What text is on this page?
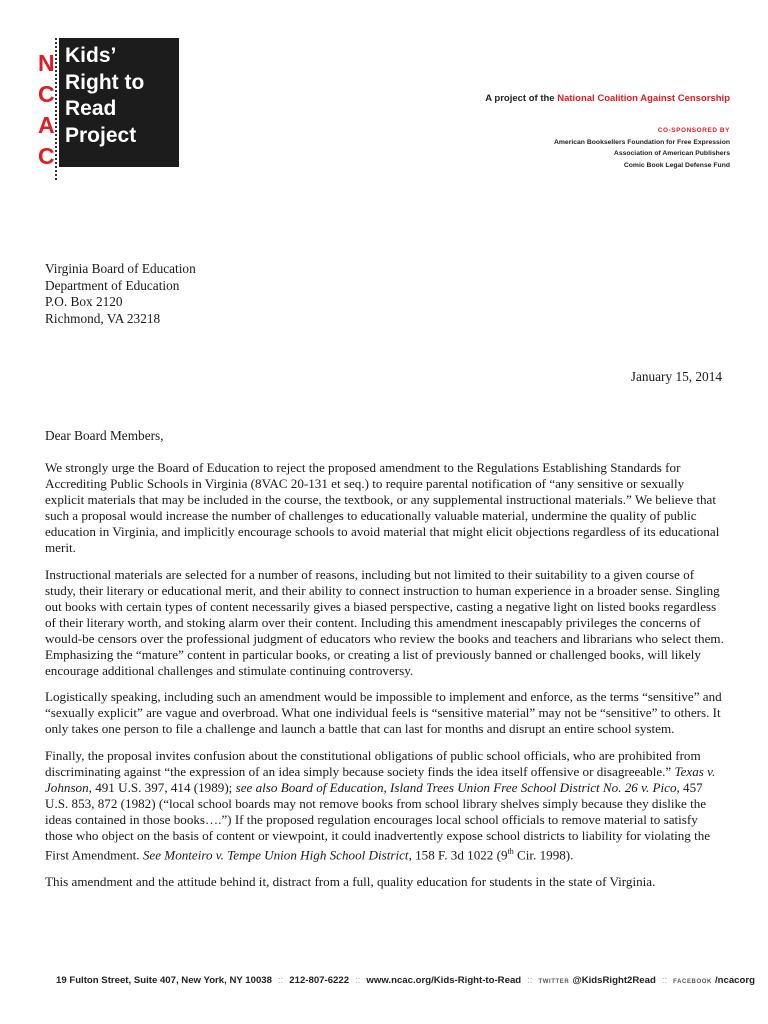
N
C
A
C
Kids’
Right to
Read
Project
A project of the National Coalition Against Censorship
CO-SPONSORED BY
American Booksellers Foundation for Free Expression
Association of American Publishers
Comic Book Legal Defense Fund
Virginia Board of Education
Department of Education
P.O. Box 2120
Richmond, VA 23218
January 15, 2014
Dear Board Members,

We strongly urge the Board of Education to reject the proposed amendment to the Regulations Establishing Standards for Accrediting Public Schools in Virginia (8VAC 20-131 et seq.) to require parental notification of “any sensitive or sexually explicit materials that may be included in the course, the textbook, or any supplemental instructional materials.” We believe that such a proposal would increase the number of challenges to educationally valuable material, undermine the quality of public education in Virginia, and implicitly encourage schools to avoid material that might elicit objections regardless of its educational merit.

Instructional materials are selected for a number of reasons, including but not limited to their suitability to a given course of study, their literary or educational merit, and their ability to connect instruction to human experience in a broader sense. Singling out books with certain types of content necessarily gives a biased perspective, casting a negative light on listed books regardless of their literary worth, and stoking alarm over their content. Including this amendment inescapably privileges the concerns of would-be censors over the professional judgment of educators who review the books and teachers and librarians who select them. Emphasizing the “mature” content in particular books, or creating a list of previously banned or challenged books, will likely encourage additional challenges and stimulate continuing controversy.

Logistically speaking, including such an amendment would be impossible to implement and enforce, as the terms “sensitive” and “sexually explicit” are vague and overbroad. What one individual feels is “sensitive material” may not be “sensitive” to others. It only takes one person to file a challenge and launch a battle that can last for months and disrupt an entire school system.

Finally, the proposal invites confusion about the constitutional obligations of public school officials, who are prohibited from discriminating against “the expression of an idea simply because society finds the idea itself offensive or disagreeable.” Texas v. Johnson, 491 U.S. 397, 414 (1989); see also Board of Education, Island Trees Union Free School District No. 26 v. Pico, 457 U.S. 853, 872 (1982) (“local school boards may not remove books from school library shelves simply because they dislike the ideas contained in those books….”) If the proposed regulation encourages local school officials to remove material to satisfy those who object on the basis of content or viewpoint, it could inadvertently expose school districts to liability for violating the First Amendment. See Monteiro v. Tempe Union High School District, 158 F. 3d 1022 (9th Cir. 1998).

This amendment and the attitude behind it, distract from a full, quality education for students in the state of Virginia.

19 Fulton Street, Suite 407, New York, NY 10038 :: 212-807-6222 :: www.ncac.org/Kids-Right-to-Read :: TWITTER @KidsRight2Read :: FACEBOOK /ncacorg
